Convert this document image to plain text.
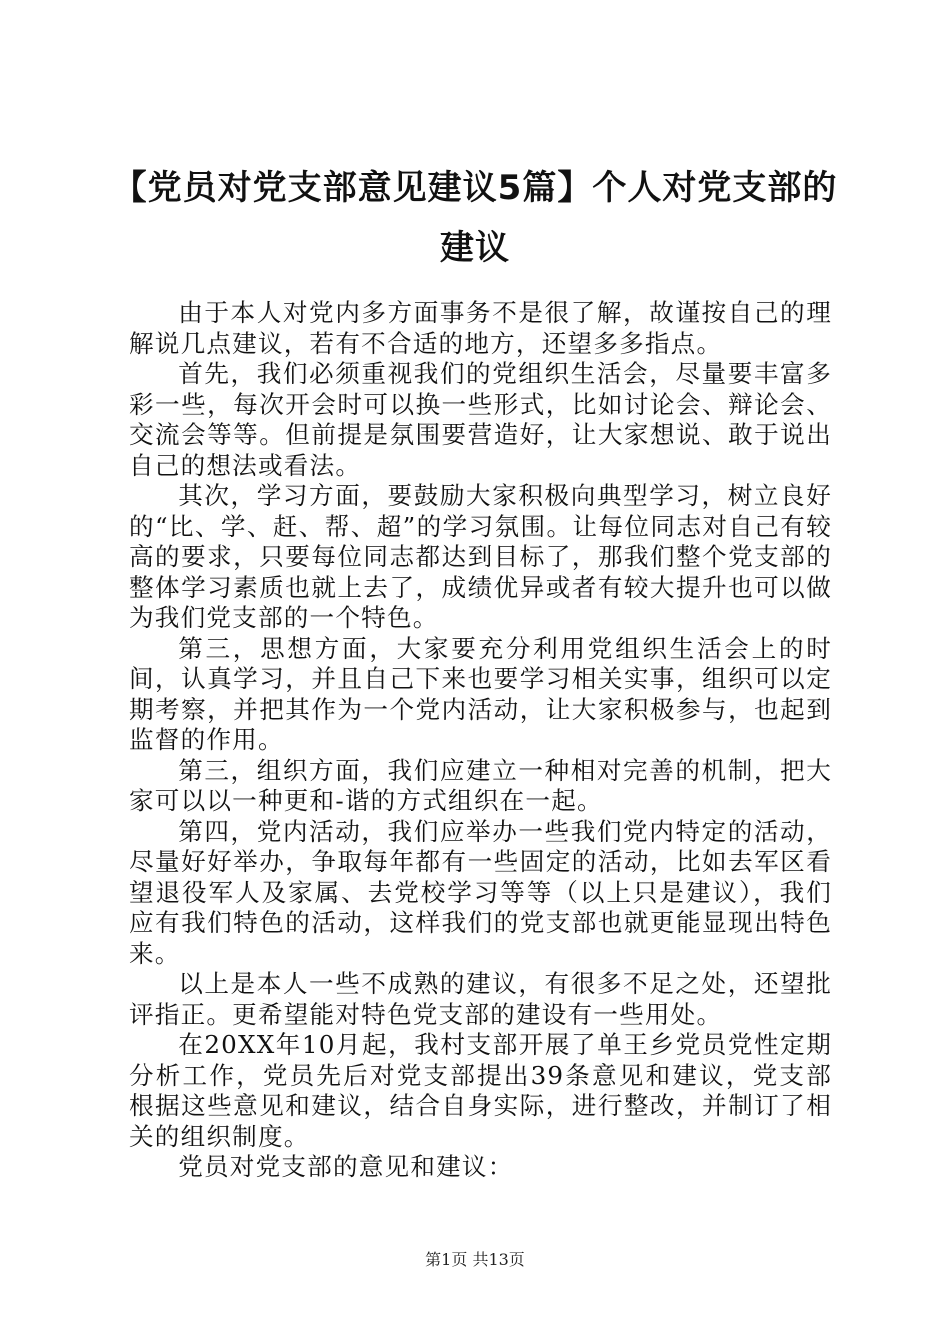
【党员对党支部意见建议5篇】个人对党支部的建议

由于本人对党内多方面事务不是很了解，故谨按自己的理解说几点建议，若有不合适的地方，还望多多指点。

首先，我们必须重视我们的党组织生活会，尽量要丰富多彩一些，每次开会时可以换一些形式，比如讨论会、辩论会、交流会等等。但前提是氛围要营造好，让大家想说、敢于说出自己的想法或看法。

其次，学习方面，要鼓励大家积极向典型学习，树立良好的“比、学、赶、帮、超”的学习氛围。让每位同志对自己有较高的要求，只要每位同志都达到目标了，那我们整个党支部的整体学习素质也就上去了，成绩优异或者有较大提升也可以做为我们党支部的一个特色。

第三，思想方面，大家要充分利用党组织生活会上的时间，认真学习，并且自己下来也要学习相关实事，组织可以定期考察，并把其作为一个党内活动，让大家积极参与，也起到监督的作用。

第三，组织方面，我们应建立一种相对完善的机制，把大家可以以一种更和-谐的方式组织在一起。

第四，党内活动，我们应举办一些我们党内特定的活动，尽量好好举办，争取每年都有一些固定的活动，比如去军区看望退役军人及家属、去党校学习等等（以上只是建议），我们应有我们特色的活动，这样我们的党支部也就更能显现出特色来。

以上是本人一些不成熟的建议，有很多不足之处，还望批评指正。更希望能对特色党支部的建设有一些用处。

在20XX年10月起，我村支部开展了单王乡党员党性定期分析工作，党员先后对党支部提出39条意见和建议，党支部根据这些意见和建议，结合自身实际，进行整改，并制订了相关的组织制度。

党员对党支部的意见和建议：

第1页 共13页
